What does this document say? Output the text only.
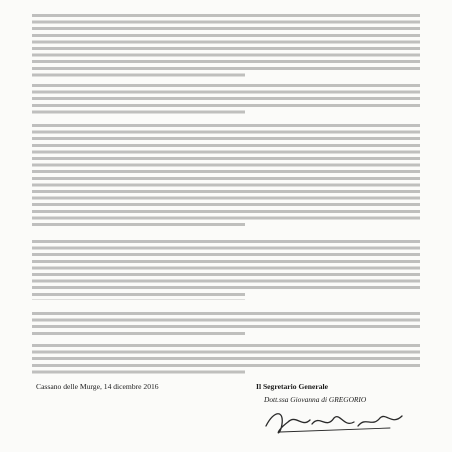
Cassano delle Murge, 14 dicembre 2016	Il Segretario Generale

Dott.ssa Giovanna di GREGORIO
